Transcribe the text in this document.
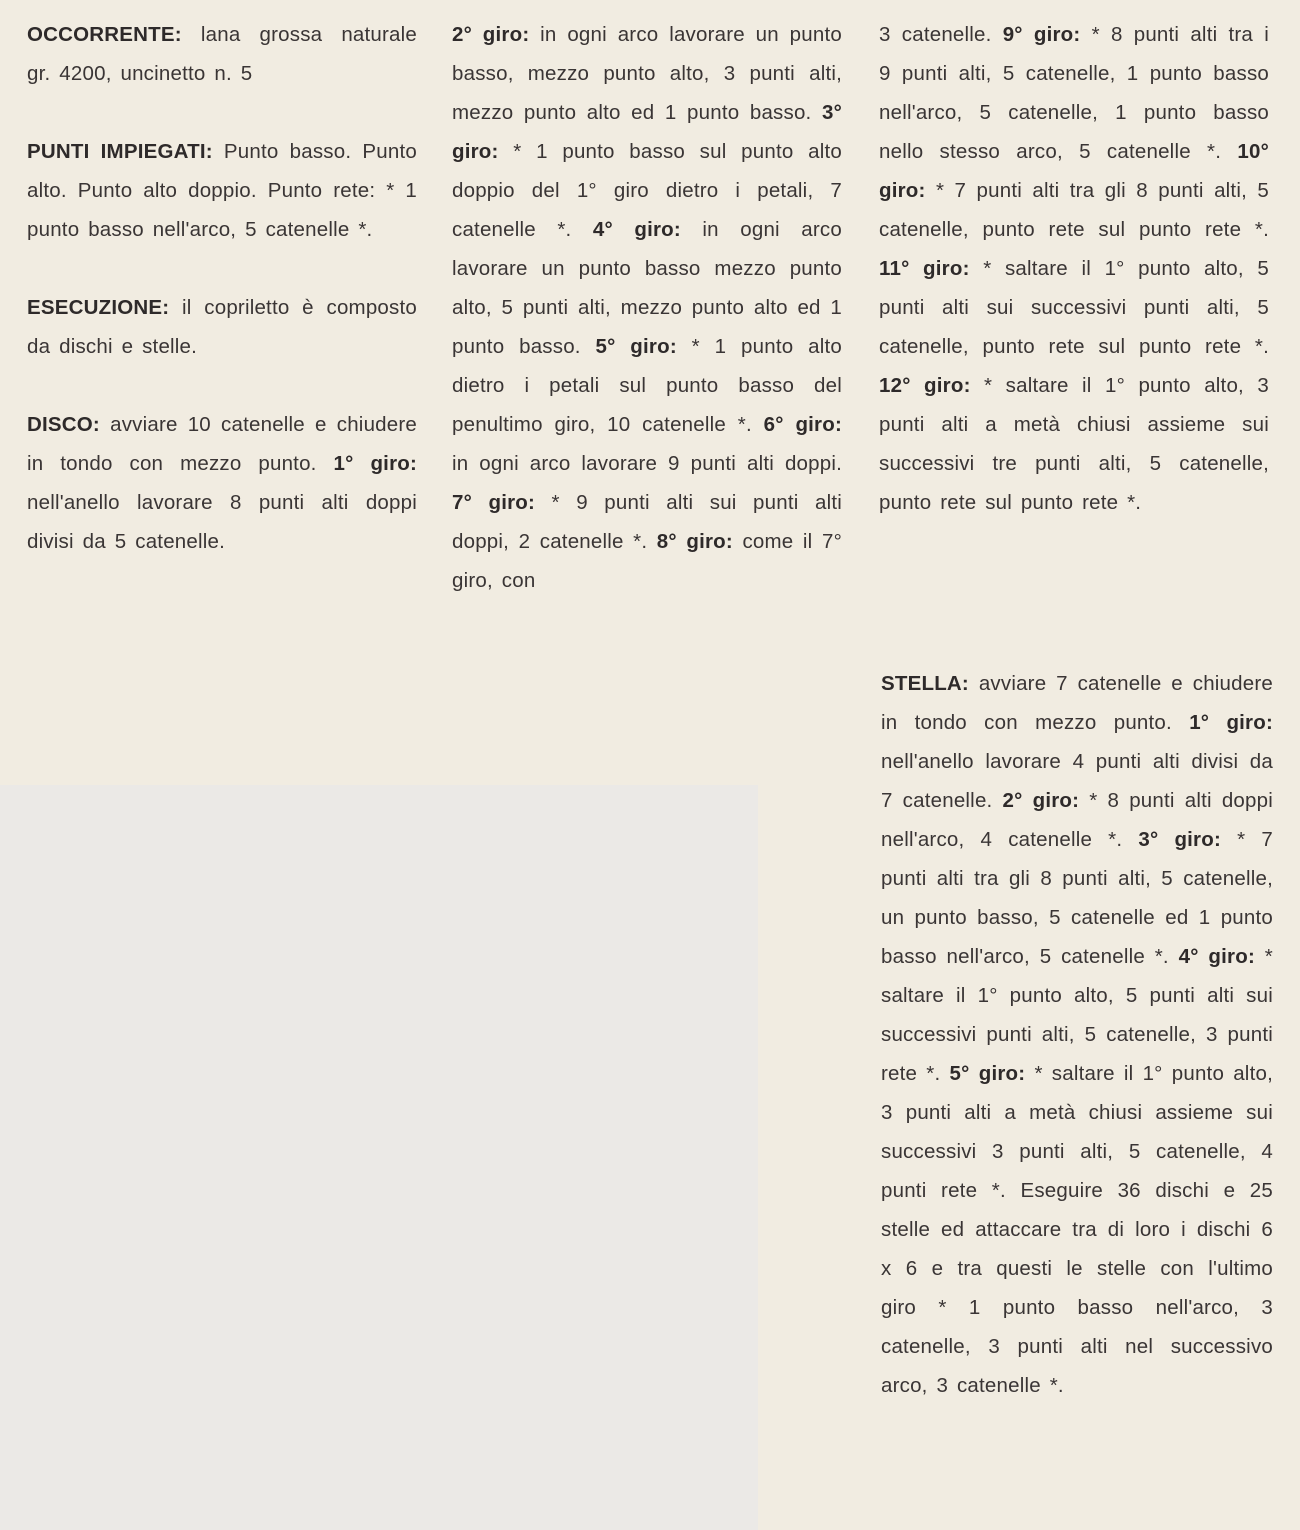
OCCORRENTE: lana grossa naturale gr. 4200, uncinetto n. 5

PUNTI IMPIEGATI: Punto basso. Punto alto. Punto alto doppio. Punto rete: * 1 punto basso nell'arco, 5 catenelle *.

ESECUZIONE: il copriletto è composto da dischi e stelle.

DISCO: avviare 10 catenelle e chiudere in tondo con mezzo punto. 1° giro: nell'anello lavorare 8 punti alti doppi divisi da 5 catenelle.

2° giro: in ogni arco lavorare un punto basso, mezzo punto alto, 3 punti alti, mezzo punto alto ed 1 punto basso. 3° giro: * 1 punto basso sul punto alto doppio del 1° giro dietro i petali, 7 catenelle *. 4° giro: in ogni arco lavorare un punto basso mezzo punto alto, 5 punti alti, mezzo punto alto ed 1 punto basso. 5° giro: * 1 punto alto dietro i petali sul punto basso del penultimo giro, 10 catenelle *. 6° giro: in ogni arco lavorare 9 punti alti doppi. 7° giro: * 9 punti alti sui punti alti doppi, 2 catenelle *. 8° giro: come il 7° giro, con

3 catenelle. 9° giro: * 8 punti alti tra i 9 punti alti, 5 catenelle, 1 punto basso nell'arco, 5 catenelle, 1 punto basso nello stesso arco, 5 catenelle *. 10° giro: * 7 punti alti tra gli 8 punti alti, 5 catenelle, punto rete sul punto rete *. 11° giro: * saltare il 1° punto alto, 5 punti alti sui successivi punti alti, 5 catenelle, punto rete sul punto rete *. 12° giro: * saltare il 1° punto alto, 3 punti alti a metà chiusi assieme sui successivi tre punti alti, 5 catenelle, punto rete sul punto rete *.

STELLA: avviare 7 catenelle e chiudere in tondo con mezzo punto. 1° giro: nell'anello lavorare 4 punti alti divisi da 7 catenelle. 2° giro: * 8 punti alti doppi nell'arco, 4 catenelle *. 3° giro: * 7 punti alti tra gli 8 punti alti, 5 catenelle, un punto basso, 5 catenelle ed 1 punto basso nell'arco, 5 catenelle *. 4° giro: * saltare il 1° punto alto, 5 punti alti sui successivi punti alti, 5 catenelle, 3 punti rete *. 5° giro: * saltare il 1° punto alto, 3 punti alti a metà chiusi assieme sui successivi 3 punti alti, 5 catenelle, 4 punti rete *. Eseguire 36 dischi e 25 stelle ed attaccare tra di loro i dischi 6 x 6 e tra questi le stelle con l'ultimo giro * 1 punto basso nell'arco, 3 catenelle, 3 punti alti nel successivo arco, 3 catenelle *.
